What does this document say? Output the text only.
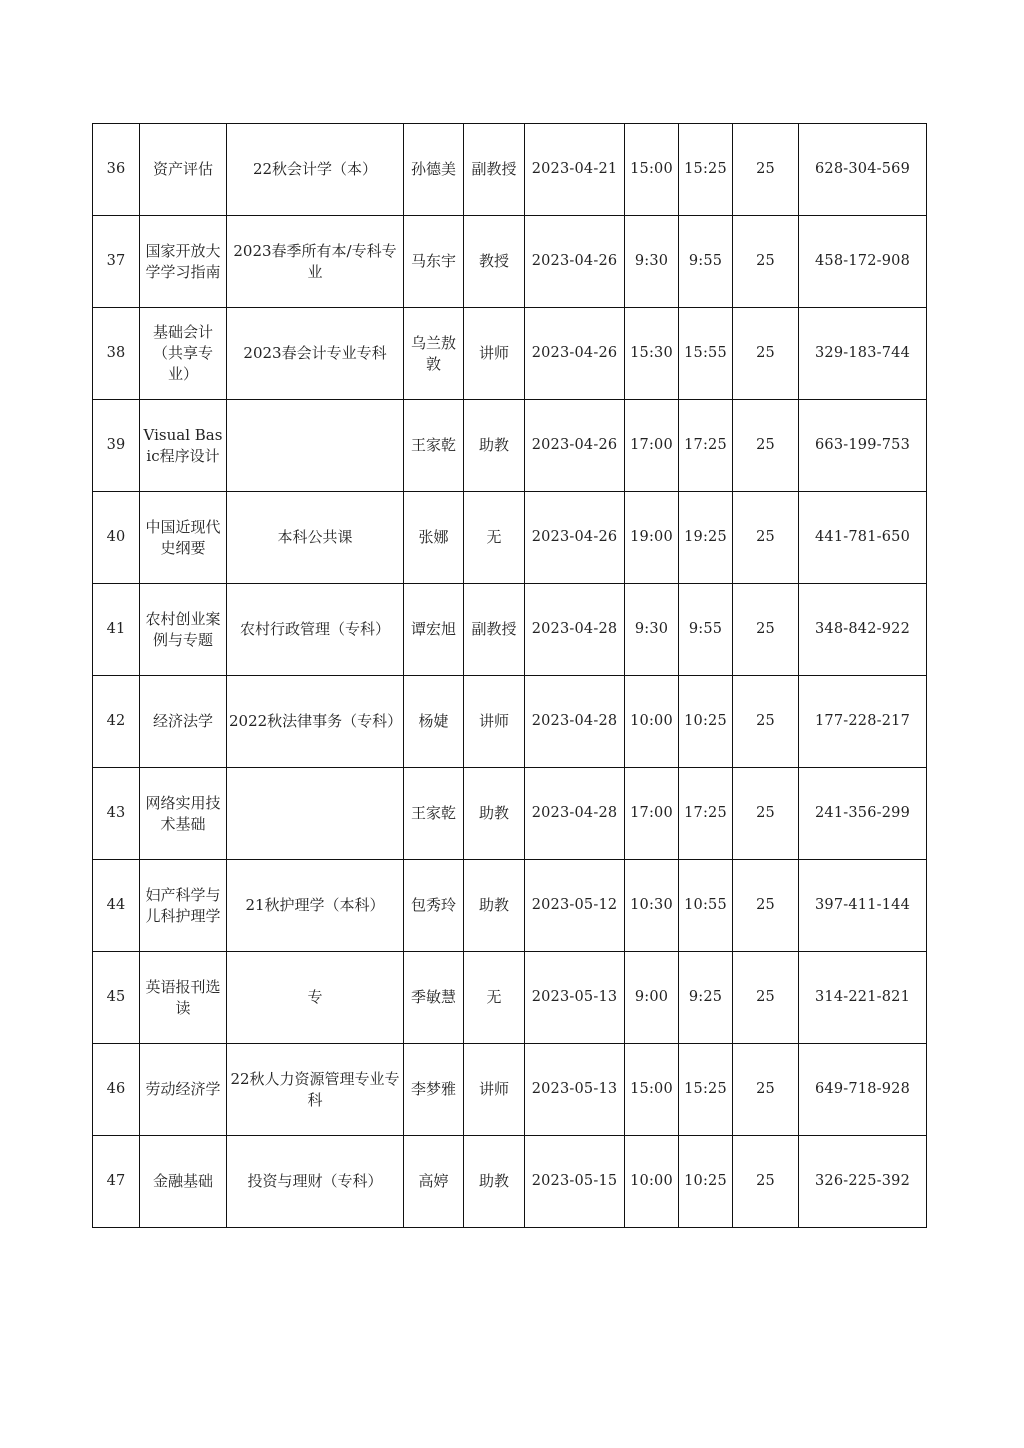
36	资产评估	22秋会计学（本）	孙德美	副教授	2023-04-21	15:00	15:25	25	628-304-569
37	国家开放大学学习指南	2023春季所有本/专科专业	马东宇	教授	2023-04-26	9:30	9:55	25	458-172-908
38	基础会计（共享专业）	2023春会计专业专科	乌兰敖敦	讲师	2023-04-26	15:30	15:55	25	329-183-744
39	Visual Basic程序设计		王家乾	助教	2023-04-26	17:00	17:25	25	663-199-753
40	中国近现代史纲要	本科公共课	张娜	无	2023-04-26	19:00	19:25	25	441-781-650
41	农村创业案例与专题	农村行政管理（专科）	谭宏旭	副教授	2023-04-28	9:30	9:55	25	348-842-922
42	经济法学	2022秋法律事务（专科）	杨婕	讲师	2023-04-28	10:00	10:25	25	177-228-217
43	网络实用技术基础		王家乾	助教	2023-04-28	17:00	17:25	25	241-356-299
44	妇产科学与儿科护理学	21秋护理学（本科）	包秀玲	助教	2023-05-12	10:30	10:55	25	397-411-144
45	英语报刊选读	专	季敏慧	无	2023-05-13	9:00	9:25	25	314-221-821
46	劳动经济学	22秋人力资源管理专业专科	李梦雅	讲师	2023-05-13	15:00	15:25	25	649-718-928
47	金融基础	投资与理财（专科）	高婷	助教	2023-05-15	10:00	10:25	25	326-225-392
